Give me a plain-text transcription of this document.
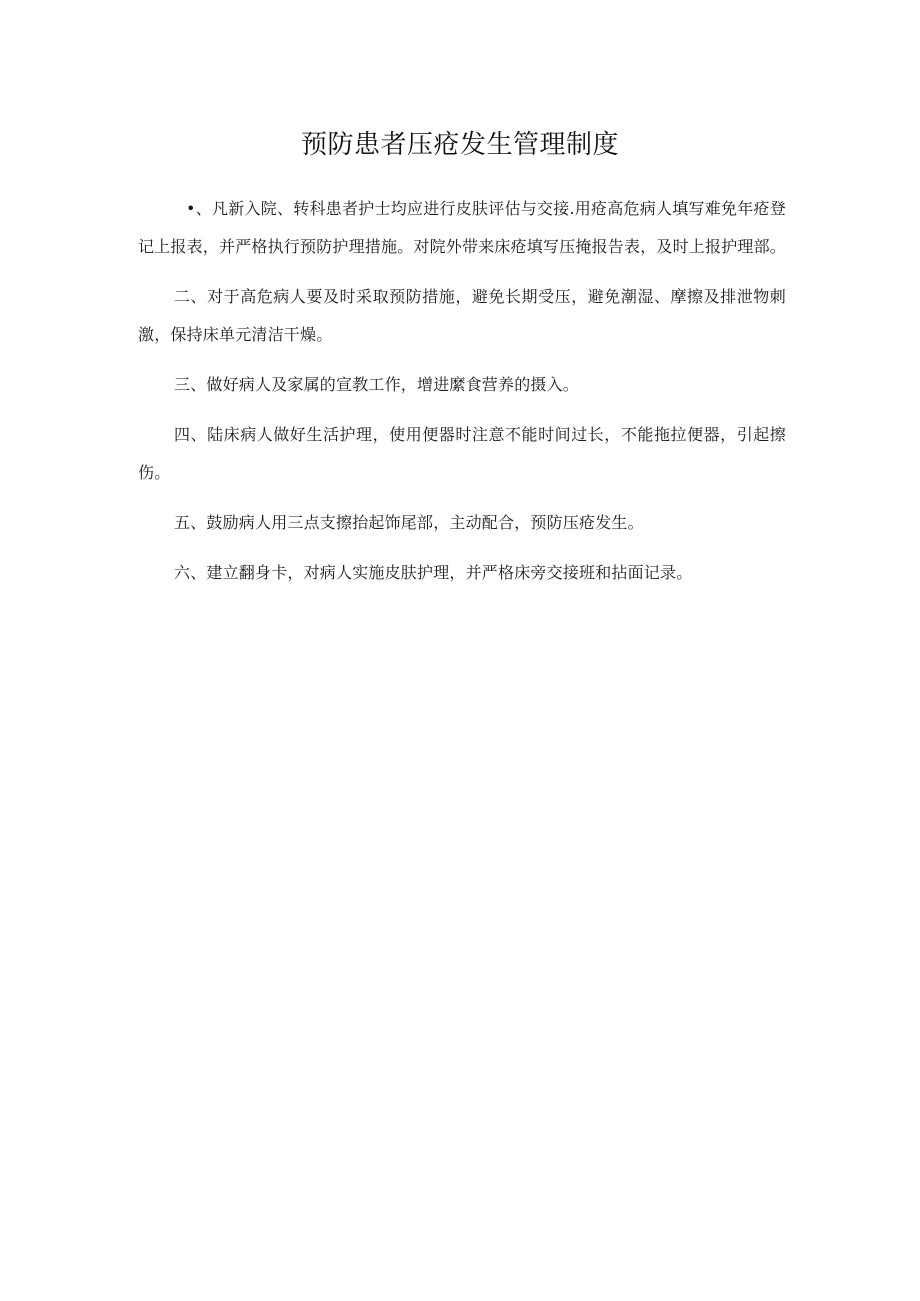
预防患者压疮发生管理制度

•、凡新入院、转科患者护士均应进行皮肤评估与交接.用疮高危病人填写难免年疮登记上报表，并严格执行预防护理措施。对院外带来床疮填写压掩报告表，及时上报护理部。

二、对于高危病人要及时采取预防措施，避免长期受压，避免潮湿、摩擦及排泄物刺激，保持床单元清洁干燥。

三、做好病人及家属的宣教工作，增进縻食营养的摄入。

四、陆床病人做好生活护理，使用便器时注意不能时间过长，不能拖拉便器，引起擦伤。

五、鼓励病人用三点支擦抬起饰尾部，主动配合，预防压疮发生。

六、建立翻身卡，对病人实施皮肤护理，并严格床旁交接班和拈面记录。
